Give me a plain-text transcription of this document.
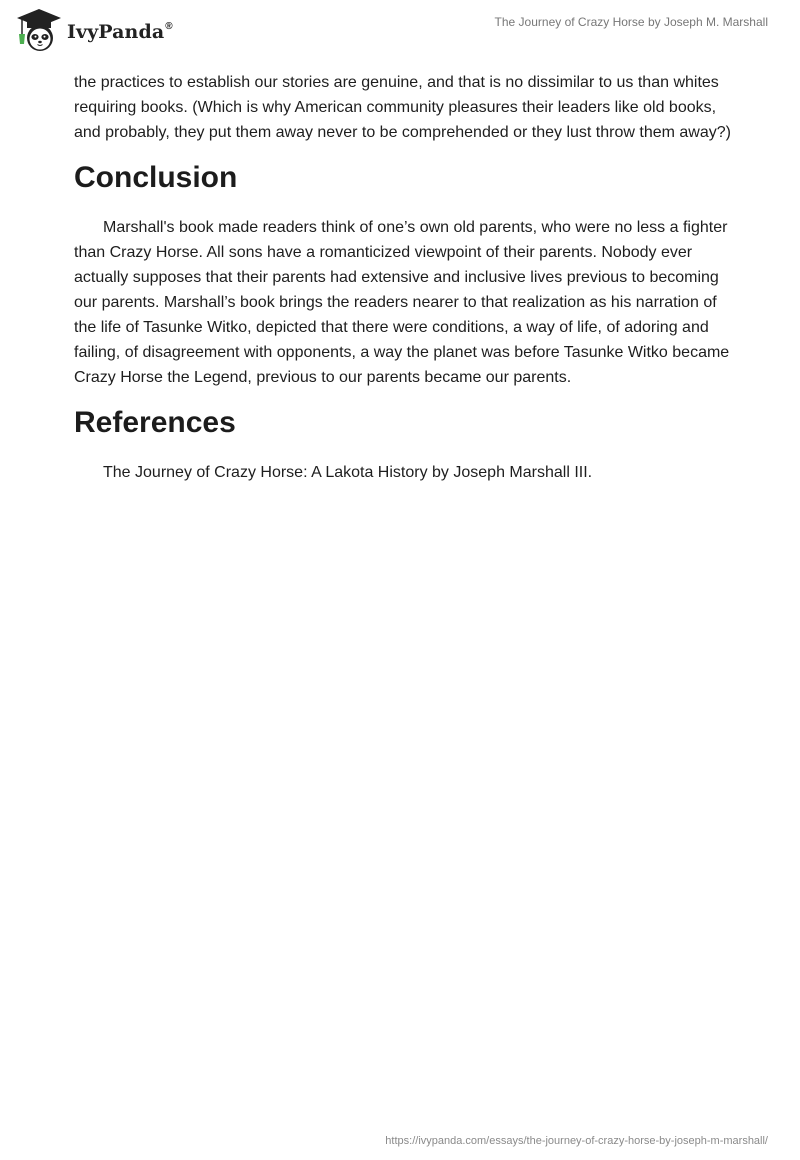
IvyPanda®	The Journey of Crazy Horse by Joseph M. Marshall

the practices to establish our stories are genuine, and that is no dissimilar to us than whites requiring books. (Which is why American community pleasures their leaders like old books, and probably, they put them away never to be comprehended or they lust throw them away?)

Conclusion

Marshall's book made readers think of one’s own old parents, who were no less a fighter than Crazy Horse. All sons have a romanticized viewpoint of their parents. Nobody ever actually supposes that their parents had extensive and inclusive lives previous to becoming our parents. Marshall’s book brings the readers nearer to that realization as his narration of the life of Tasunke Witko, depicted that there were conditions, a way of life, of adoring and failing, of disagreement with opponents, a way the planet was before Tasunke Witko became Crazy Horse the Legend, previous to our parents became our parents.

References

The Journey of Crazy Horse: A Lakota History by Joseph Marshall III.

https://ivypanda.com/essays/the-journey-of-crazy-horse-by-joseph-m-marshall/
